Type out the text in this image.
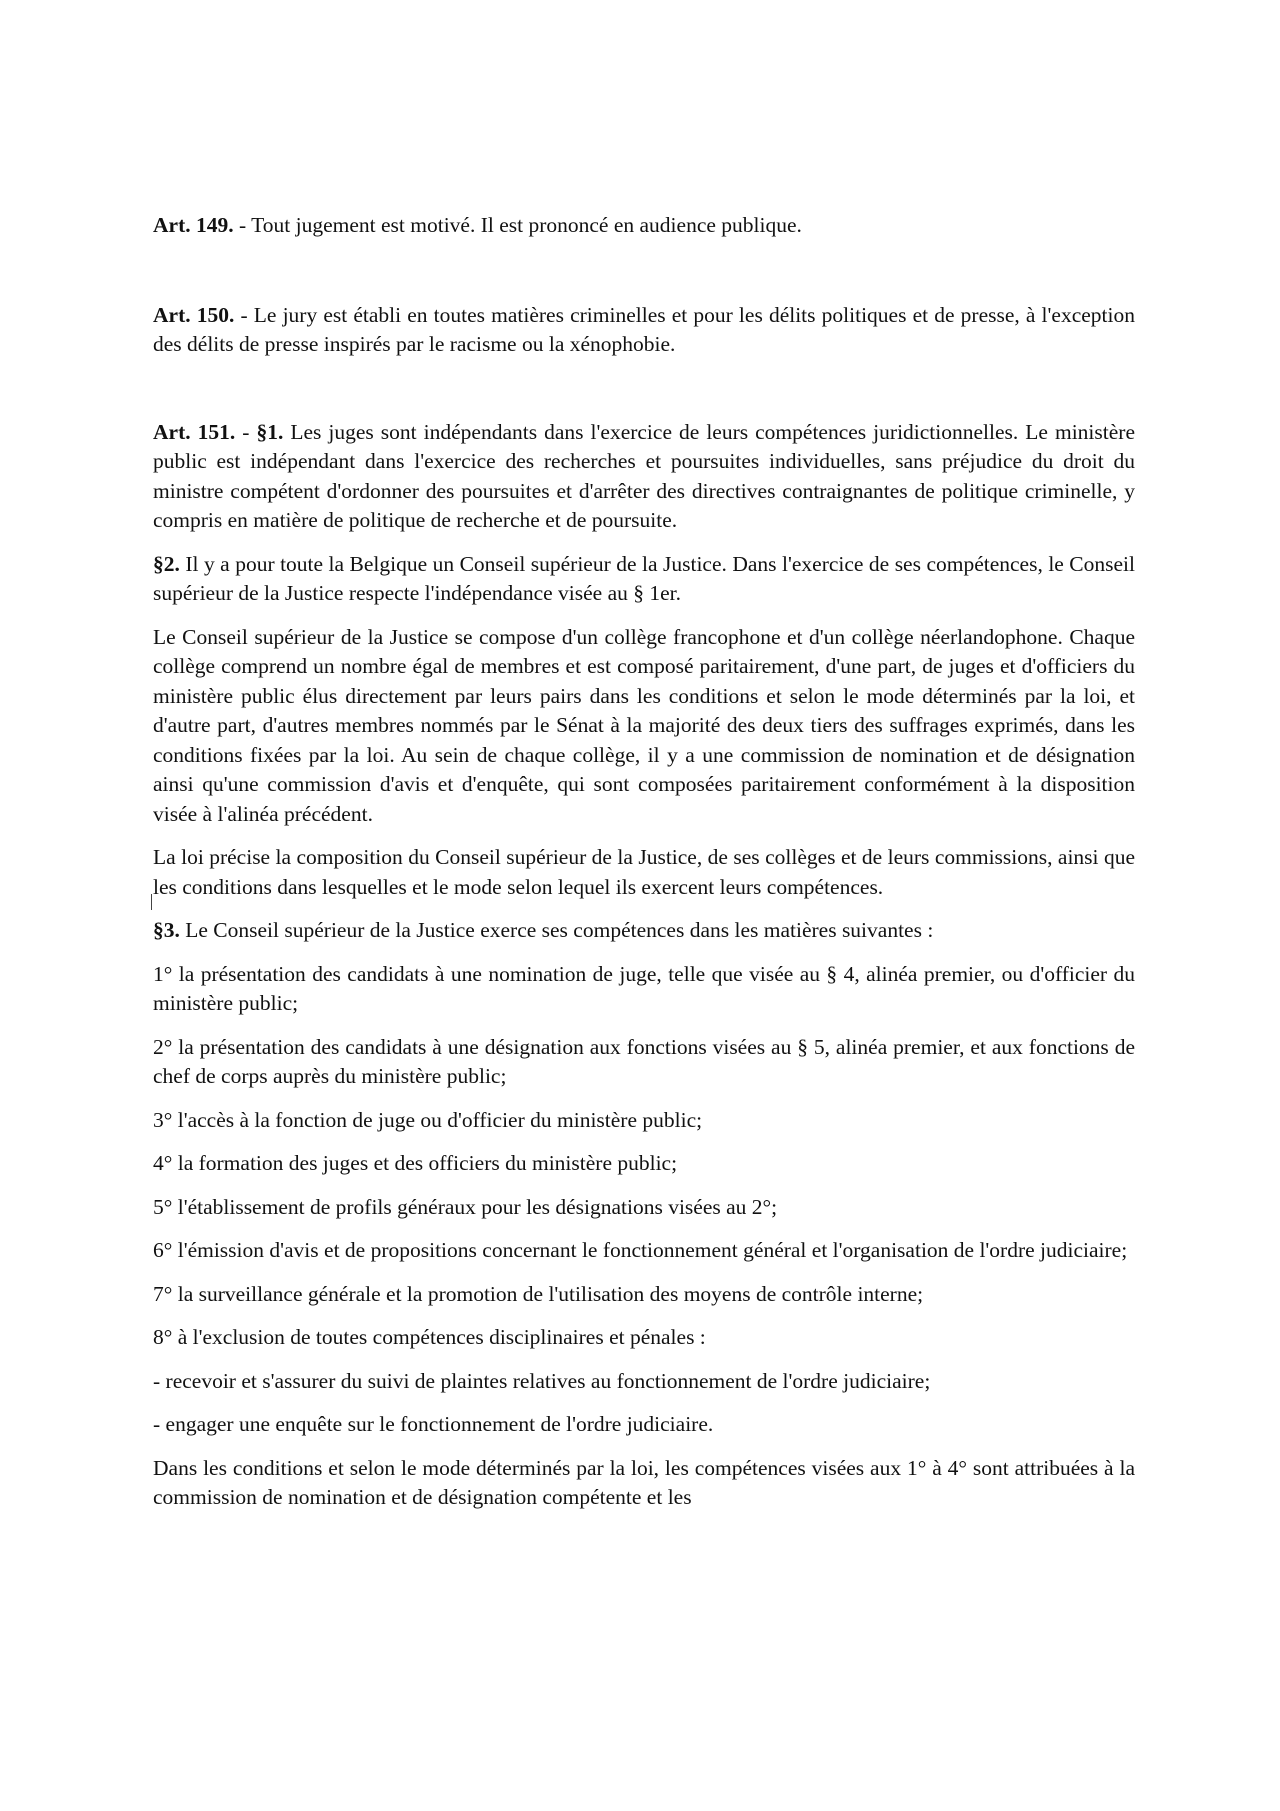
Art. 149. - Tout jugement est motivé. Il est prononcé en audience publique.

Art. 150. - Le jury est établi en toutes matières criminelles et pour les délits politiques et de presse, à l'exception des délits de presse inspirés par le racisme ou la xénophobie.

Art. 151. - §1. Les juges sont indépendants dans l'exercice de leurs compétences juridictionnelles. Le ministère public est indépendant dans l'exercice des recherches et poursuites individuelles, sans préjudice du droit du ministre compétent d'ordonner des poursuites et d'arrêter des directives contraignantes de politique criminelle, y compris en matière de politique de recherche et de poursuite.

§2. Il y a pour toute la Belgique un Conseil supérieur de la Justice. Dans l'exercice de ses compétences, le Conseil supérieur de la Justice respecte l'indépendance visée au § 1er.

Le Conseil supérieur de la Justice se compose d'un collège francophone et d'un collège néerlandophone. Chaque collège comprend un nombre égal de membres et est composé paritairement, d'une part, de juges et d'officiers du ministère public élus directement par leurs pairs dans les conditions et selon le mode déterminés par la loi, et d'autre part, d'autres membres nommés par le Sénat à la majorité des deux tiers des suffrages exprimés, dans les conditions fixées par la loi. Au sein de chaque collège, il y a une commission de nomination et de désignation ainsi qu'une commission d'avis et d'enquête, qui sont composées paritairement conformément à la disposition visée à l'alinéa précédent.

La loi précise la composition du Conseil supérieur de la Justice, de ses collèges et de leurs commissions, ainsi que les conditions dans lesquelles et le mode selon lequel ils exercent leurs compétences.

§3. Le Conseil supérieur de la Justice exerce ses compétences dans les matières suivantes :

1° la présentation des candidats à une nomination de juge, telle que visée au § 4, alinéa premier, ou d'officier du ministère public;

2° la présentation des candidats à une désignation aux fonctions visées au § 5, alinéa premier, et aux fonctions de chef de corps auprès du ministère public;

3° l'accès à la fonction de juge ou d'officier du ministère public;

4° la formation des juges et des officiers du ministère public;

5° l'établissement de profils généraux pour les désignations visées au 2°;

6° l'émission d'avis et de propositions concernant le fonctionnement général et l'organisation de l'ordre judiciaire;

7° la surveillance générale et la promotion de l'utilisation des moyens de contrôle interne;

8° à l'exclusion de toutes compétences disciplinaires et pénales :

- recevoir et s'assurer du suivi de plaintes relatives au fonctionnement de l'ordre judiciaire;

- engager une enquête sur le fonctionnement de l'ordre judiciaire.

Dans les conditions et selon le mode déterminés par la loi, les compétences visées aux 1° à 4° sont attribuées à la commission de nomination et de désignation compétente et les
